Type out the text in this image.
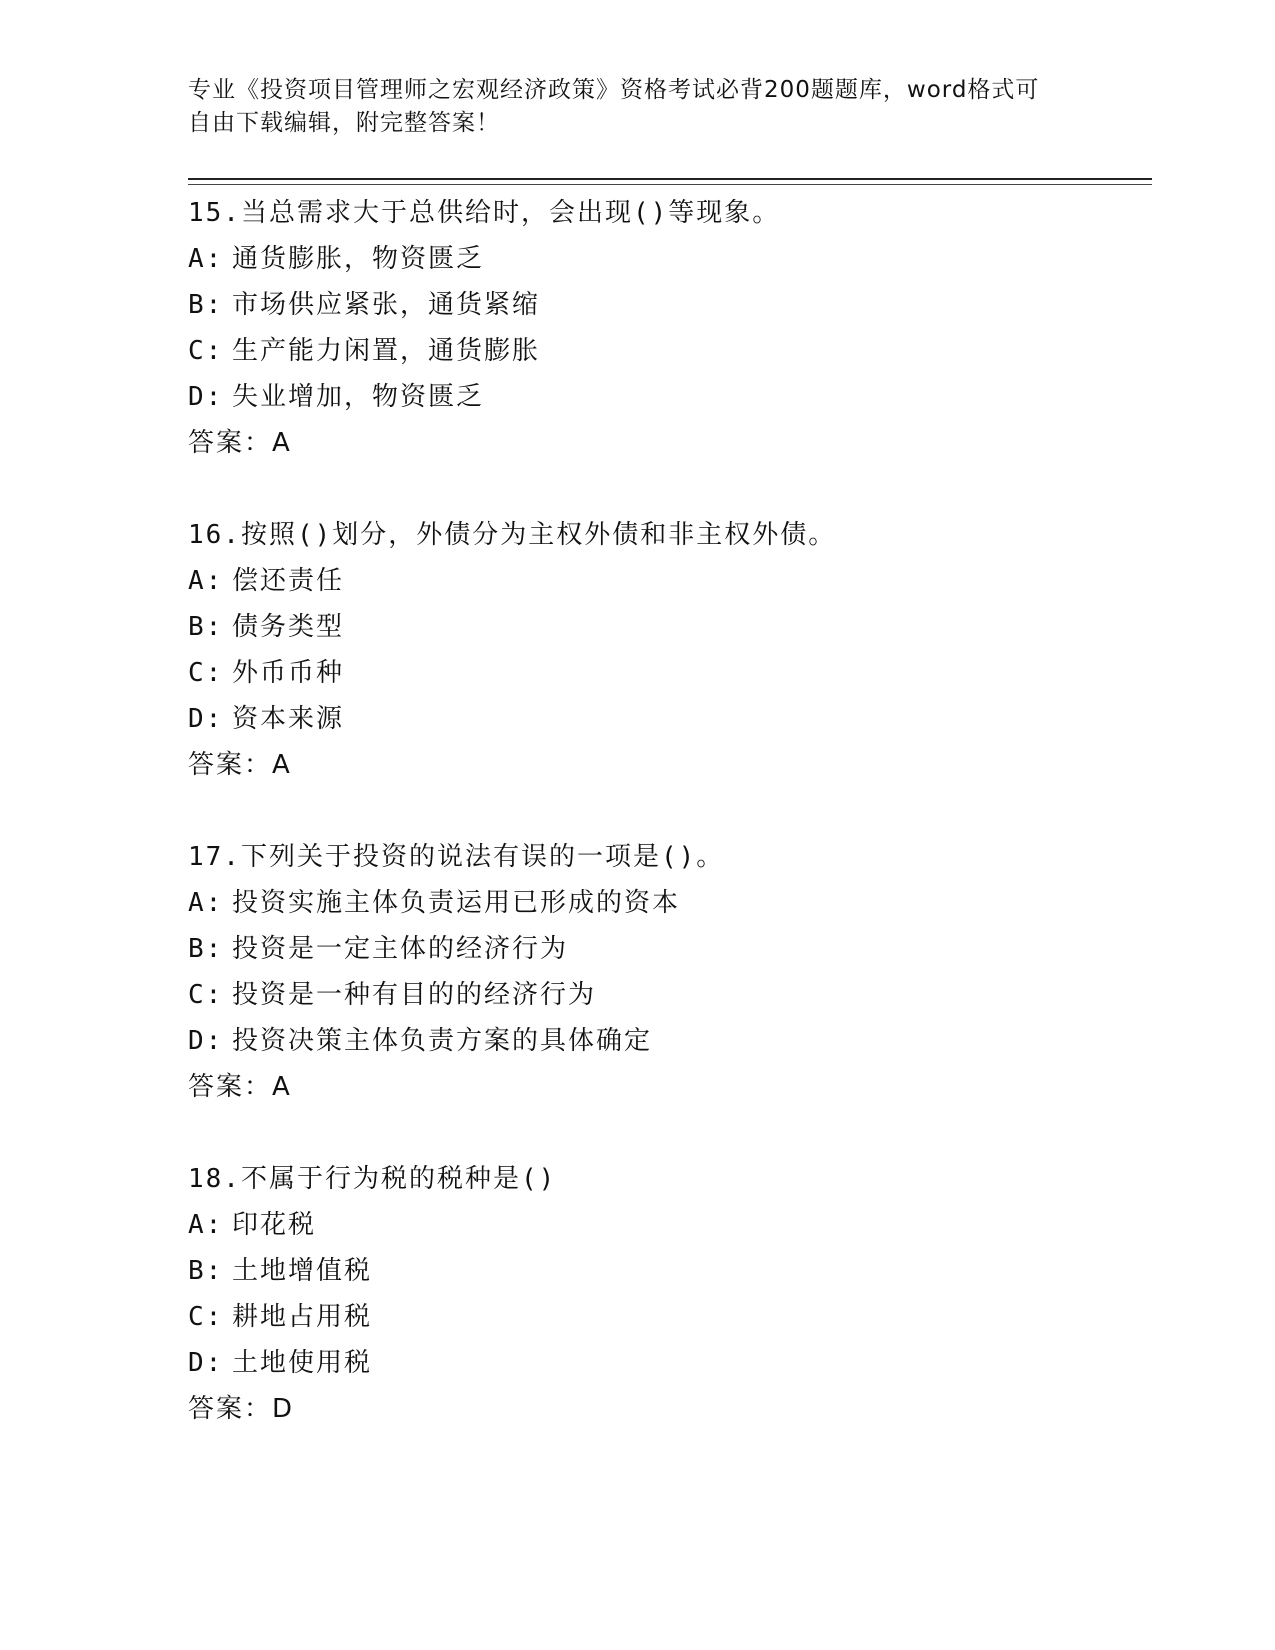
专业《投资项目管理师之宏观经济政策》资格考试必背200题题库，word格式可
自由下载编辑，附完整答案！
15.当总需求大于总供给时，会出现()等现象。
A: 通货膨胀，物资匮乏
B: 市场供应紧张，通货紧缩
C: 生产能力闲置，通货膨胀
D: 失业增加，物资匮乏
答案：A
16.按照()划分，外债分为主权外债和非主权外债。
A: 偿还责任
B: 债务类型
C: 外币币种
D: 资本来源
答案：A
17.下列关于投资的说法有误的一项是()。
A: 投资实施主体负责运用已形成的资本
B: 投资是一定主体的经济行为
C: 投资是一种有目的的经济行为
D: 投资决策主体负责方案的具体确定
答案：A
18.不属于行为税的税种是()
A: 印花税
B: 土地增值税
C: 耕地占用税
D: 土地使用税
答案：D
